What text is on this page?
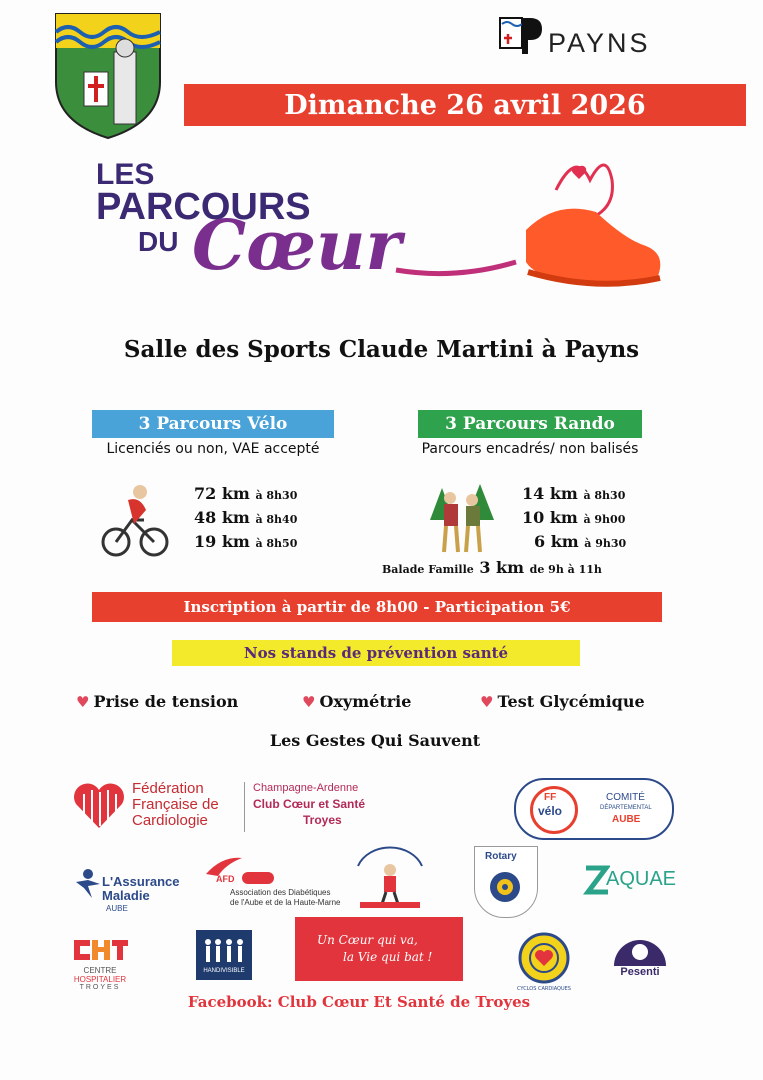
PAYNS
Dimanche 26 avril 2026
LES
PARCOURS
DU Cœur
Salle des Sports Claude Martini à Payns
3 Parcours Vélo
Licenciés ou non, VAE accepté
72 km à 8h30
48 km à 8h40
19 km à 8h50
3 Parcours Rando
Parcours encadrés/ non balisés
14 km à 8h30
10 km à 9h00
6 km à 9h30
Balade Famille 3 km de 9h à 11h
Inscription à partir de 8h00 - Participation 5€
Nos stands de prévention santé
♥ Prise de tension	♥ Oxymétrie	♥ Test Glycémique
Les Gestes Qui Sauvent
Fédération
Française de
Cardiologie
Champagne-Ardenne
Club Cœur et Santé
Troyes
FF
vélo
COMITÉ
DÉPARTEMENTAL
AUBE
L'Assurance
Maladie
AUBE
AFD
Association des Diabétiques
de l'Aube et de la Haute-Marne
Rotary
AQUAE
CENTRE
HOSPITALIER
TROYES
HANDIVISIBLE
Un Cœur qui va,
la Vie qui bat !
CYCLOS CARDIAQUES
Pesenti
Facebook: Club Cœur Et Santé de Troyes
